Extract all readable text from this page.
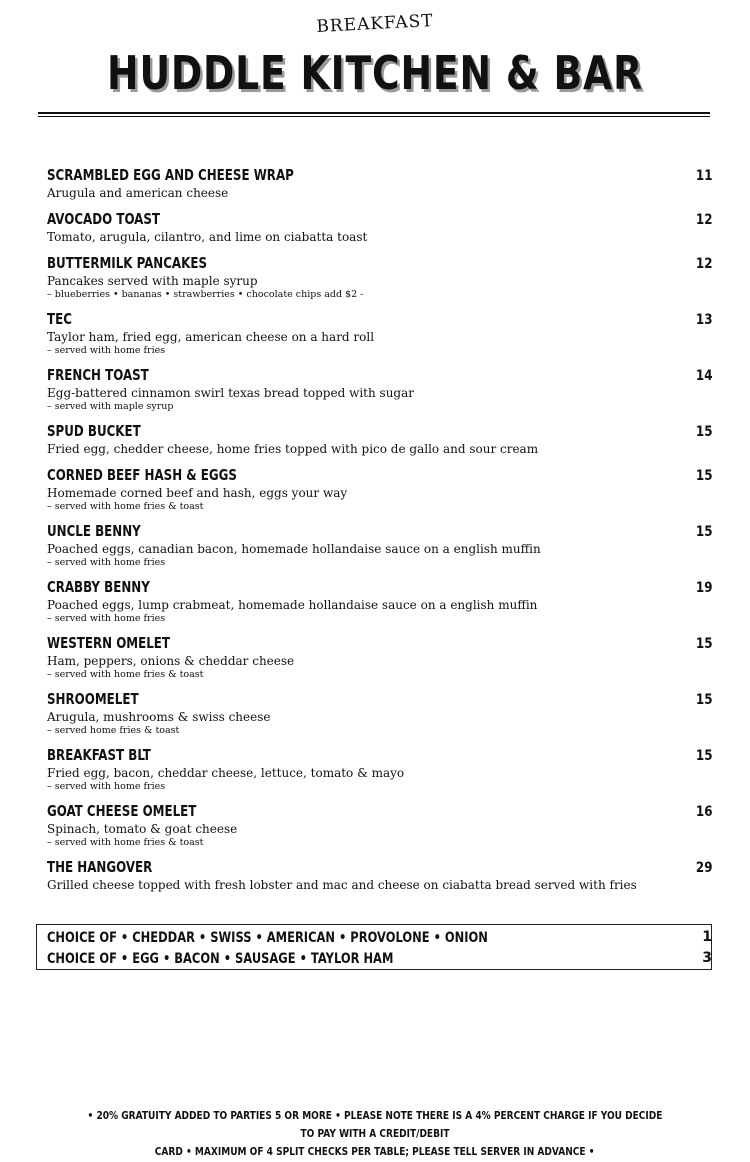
BREAKFAST
HUDDLE KITCHEN & BAR
SCRAMBLED EGG AND CHEESE WRAP	11
Arugula and american cheese
AVOCADO TOAST	12
Tomato, arugula, cilantro, and lime on ciabatta toast
BUTTERMILK PANCAKES	12
Pancakes served with maple syrup
– blueberries • bananas • strawberries • chocolate chips add $2 -
TEC	13
Taylor ham, fried egg, american cheese on a hard roll
– served with home fries
FRENCH TOAST	14
Egg-battered cinnamon swirl texas bread topped with sugar
– served with maple syrup
SPUD BUCKET	15
Fried egg, chedder cheese, home fries topped with pico de gallo and sour cream
CORNED BEEF HASH & EGGS	15
Homemade corned beef and hash, eggs your way
– served with home fries & toast
UNCLE BENNY	15
Poached eggs, canadian bacon, homemade hollandaise sauce on a english muffin
– served with home fries
CRABBY BENNY	19
Poached eggs, lump crabmeat, homemade hollandaise sauce on a english muffin
– served with home fries
WESTERN OMELET	15
Ham, peppers, onions & cheddar cheese
– served with home fries & toast
SHROOMELET	15
Arugula, mushrooms & swiss cheese
– served home fries & toast
BREAKFAST BLT	15
Fried egg, bacon, cheddar cheese, lettuce, tomato & mayo
– served with home fries
GOAT CHEESE OMELET	16
Spinach, tomato & goat cheese
– served with home fries & toast
THE HANGOVER	29
Grilled cheese topped with fresh lobster and mac and cheese on ciabatta bread served with fries
CHOICE OF • CHEDDAR • SWISS • AMERICAN • PROVOLONE • ONION	1
CHOICE OF • EGG • BACON • SAUSAGE • TAYLOR HAM	3
• 20% GRATUITY ADDED TO PARTIES 5 OR MORE • PLEASE NOTE THERE IS A 4% PERCENT CHARGE IF YOU DECIDE TO PAY WITH A CREDIT/DEBIT
CARD • MAXIMUM OF 4 SPLIT CHECKS PER TABLE; PLEASE TELL SERVER IN ADVANCE •
